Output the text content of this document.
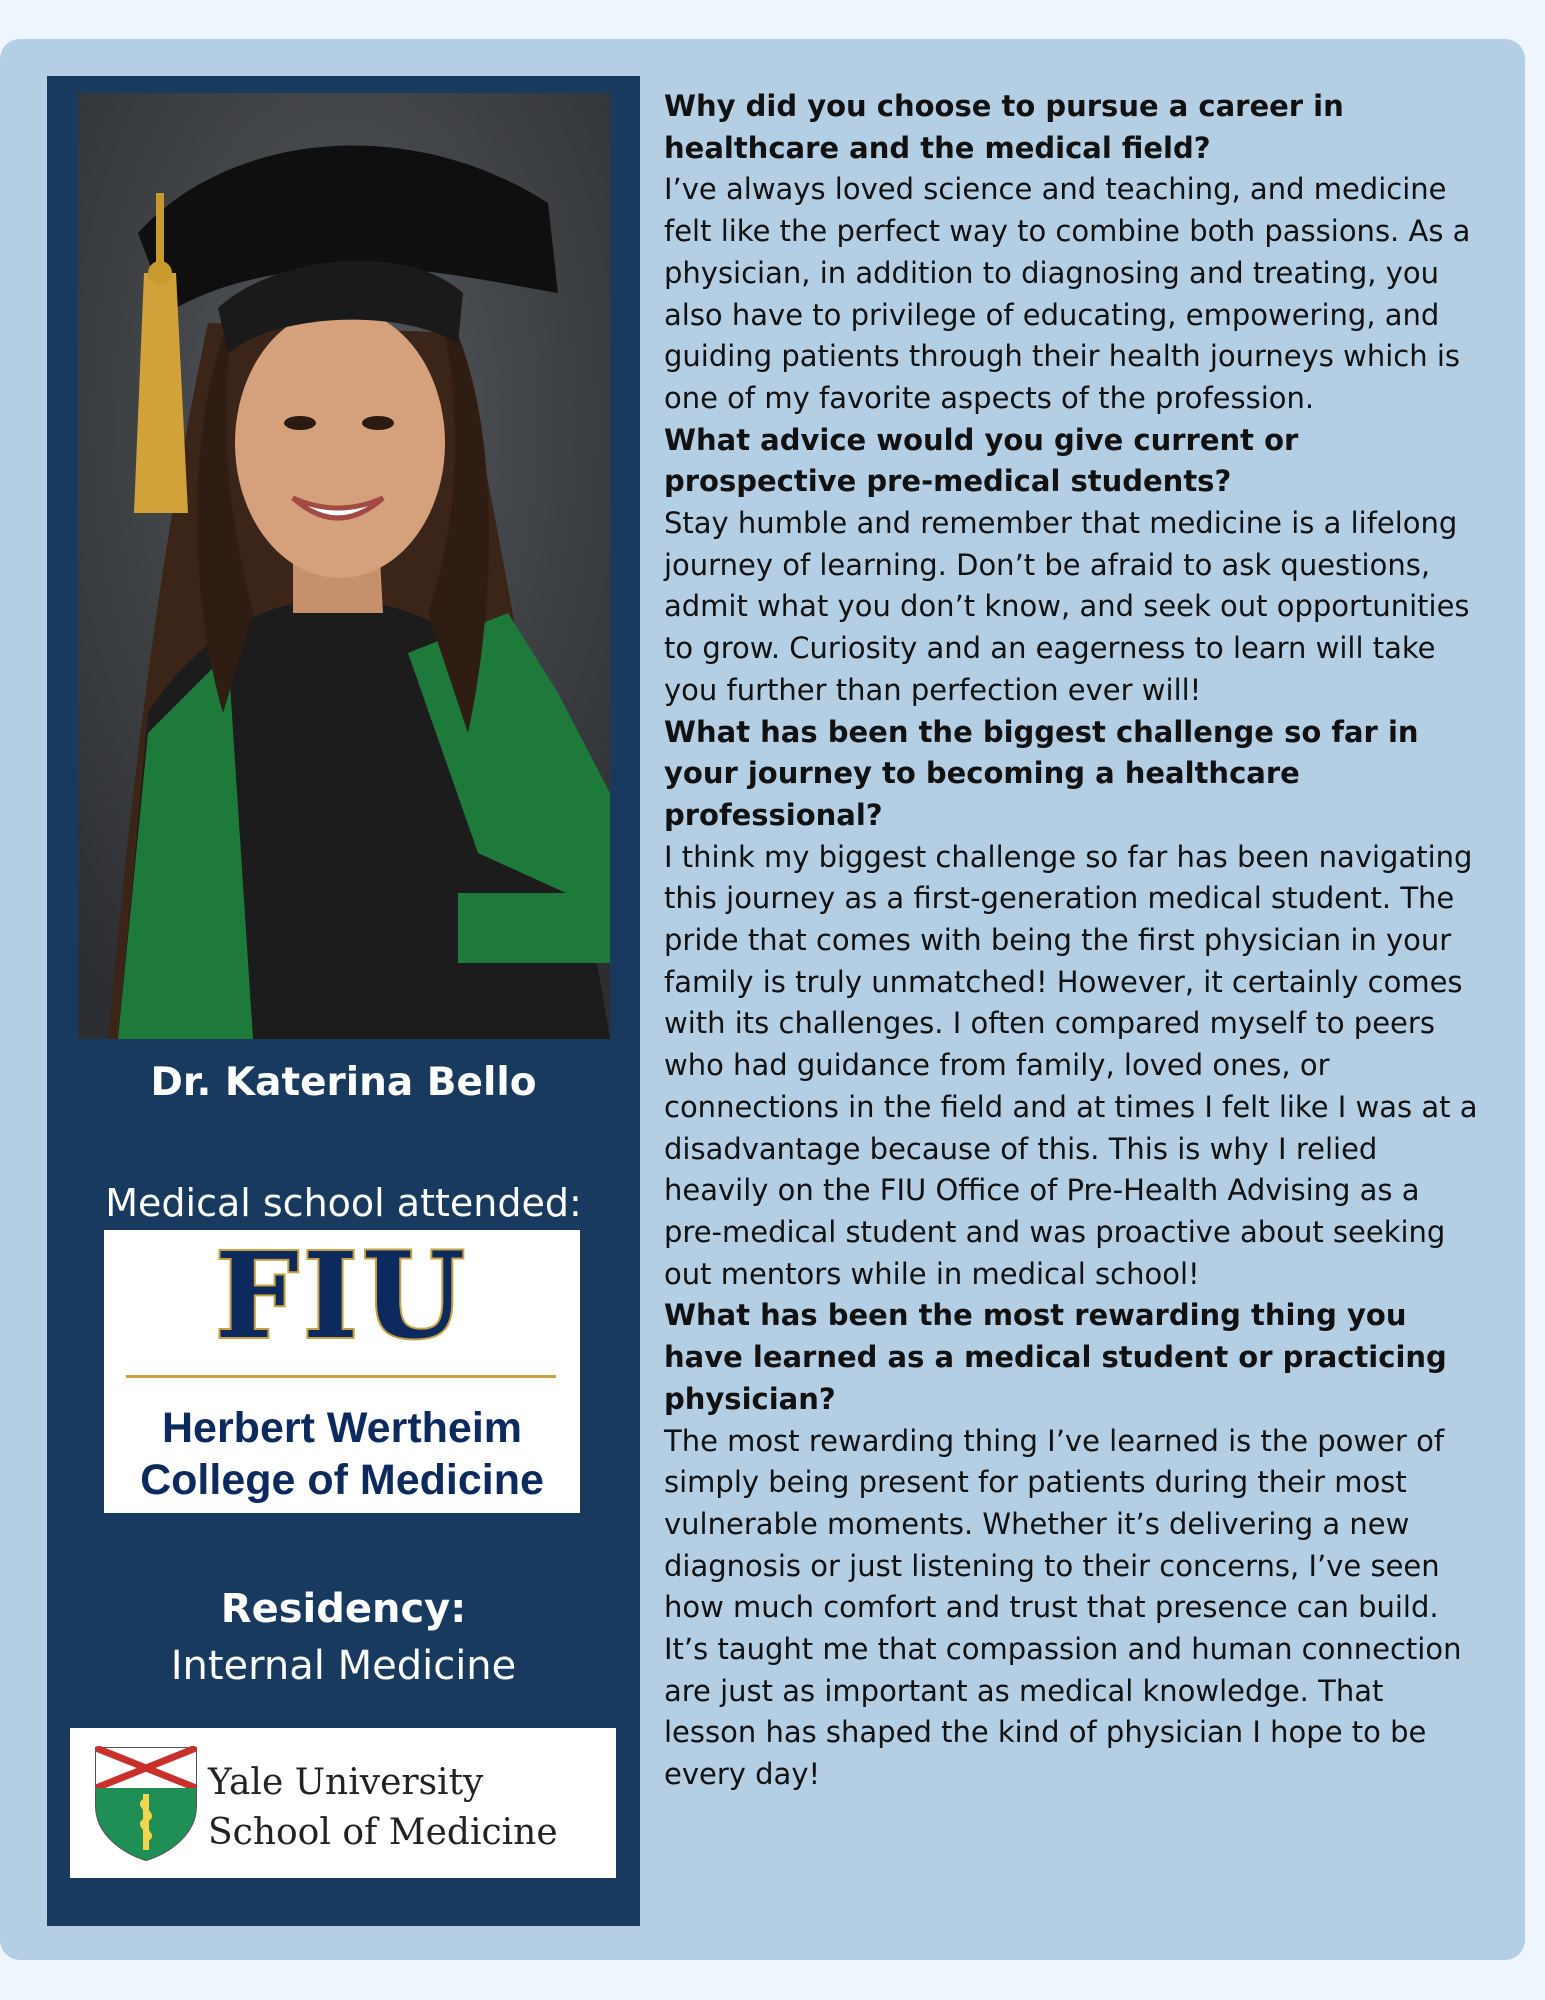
Dr. Katerina Bello

Medical school attended:

FIU
Herbert Wertheim
College of Medicine

Residency:

Internal Medicine

Yale University
School of Medicine

Why did you choose to pursue a career in healthcare and the medical field?

I’ve always loved science and teaching, and medicine felt like the perfect way to combine both passions. As a physician, in addition to diagnosing and treating, you also have to privilege of educating, empowering, and guiding patients through their health journeys which is one of my favorite aspects of the profession.

What advice would you give current or prospective pre-medical students?

Stay humble and remember that medicine is a lifelong journey of learning. Don’t be afraid to ask questions, admit what you don’t know, and seek out opportunities to grow. Curiosity and an eagerness to learn will take you further than perfection ever will!

What has been the biggest challenge so far in your journey to becoming a healthcare professional?

I think my biggest challenge so far has been navigating this journey as a first-generation medical student. The pride that comes with being the first physician in your family is truly unmatched! However, it certainly comes with its challenges. I often compared myself to peers who had guidance from family, loved ones, or connections in the field and at times I felt like I was at a disadvantage because of this. This is why I relied heavily on the FIU Office of Pre-Health Advising as a pre-medical student and was proactive about seeking out mentors while in medical school!

What has been the most rewarding thing you have learned as a medical student or practicing physician?

The most rewarding thing I’ve learned is the power of simply being present for patients during their most vulnerable moments. Whether it’s delivering a new diagnosis or just listening to their concerns, I’ve seen how much comfort and trust that presence can build. It’s taught me that compassion and human connection are just as important as medical knowledge. That lesson has shaped the kind of physician I hope to be every day!
